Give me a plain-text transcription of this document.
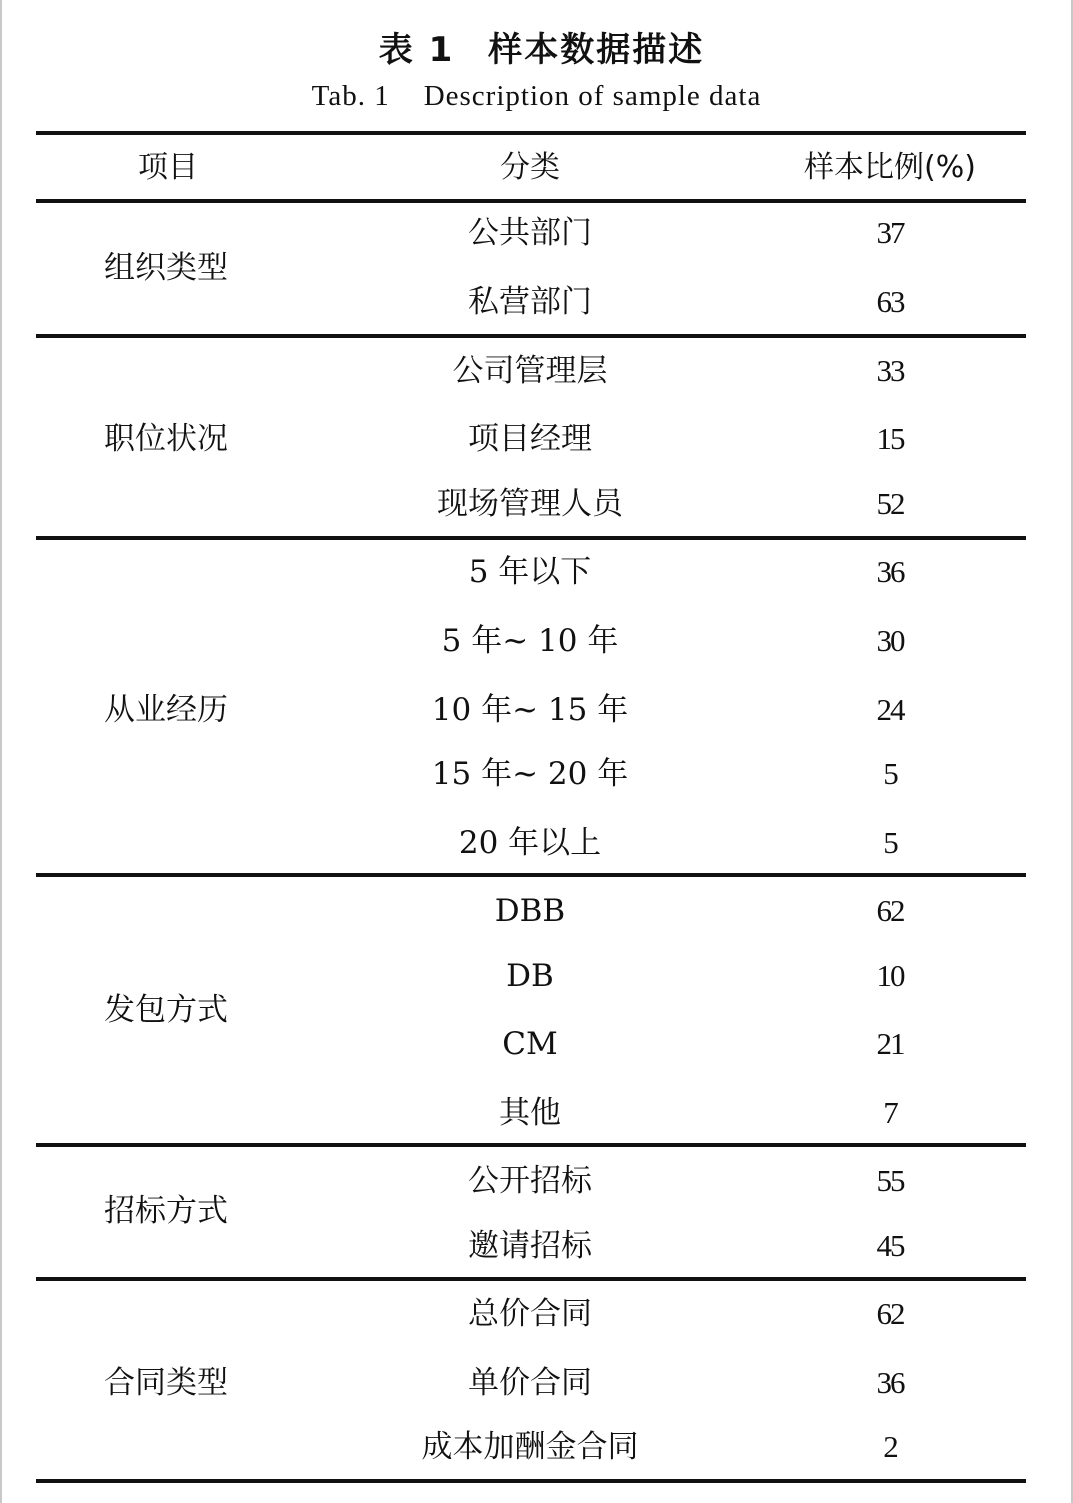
表 1 样本数据描述
Tab. 1 Description of sample data
项目	分类	样本比例(%)
组织类型
公共部门	37
私营部门	63
职位状况
公司管理层	33
项目经理	15
现场管理人员	52
从业经历
5 年以下	36
5 年~ 10 年	30
10 年~ 15 年	24
15 年~ 20 年	5
20 年以上	5
发包方式
DBB	62
DB	10
CM	21
其他	7
招标方式
公开招标	55
邀请招标	45
合同类型
总价合同	62
单价合同	36
成本加酬金合同	2
